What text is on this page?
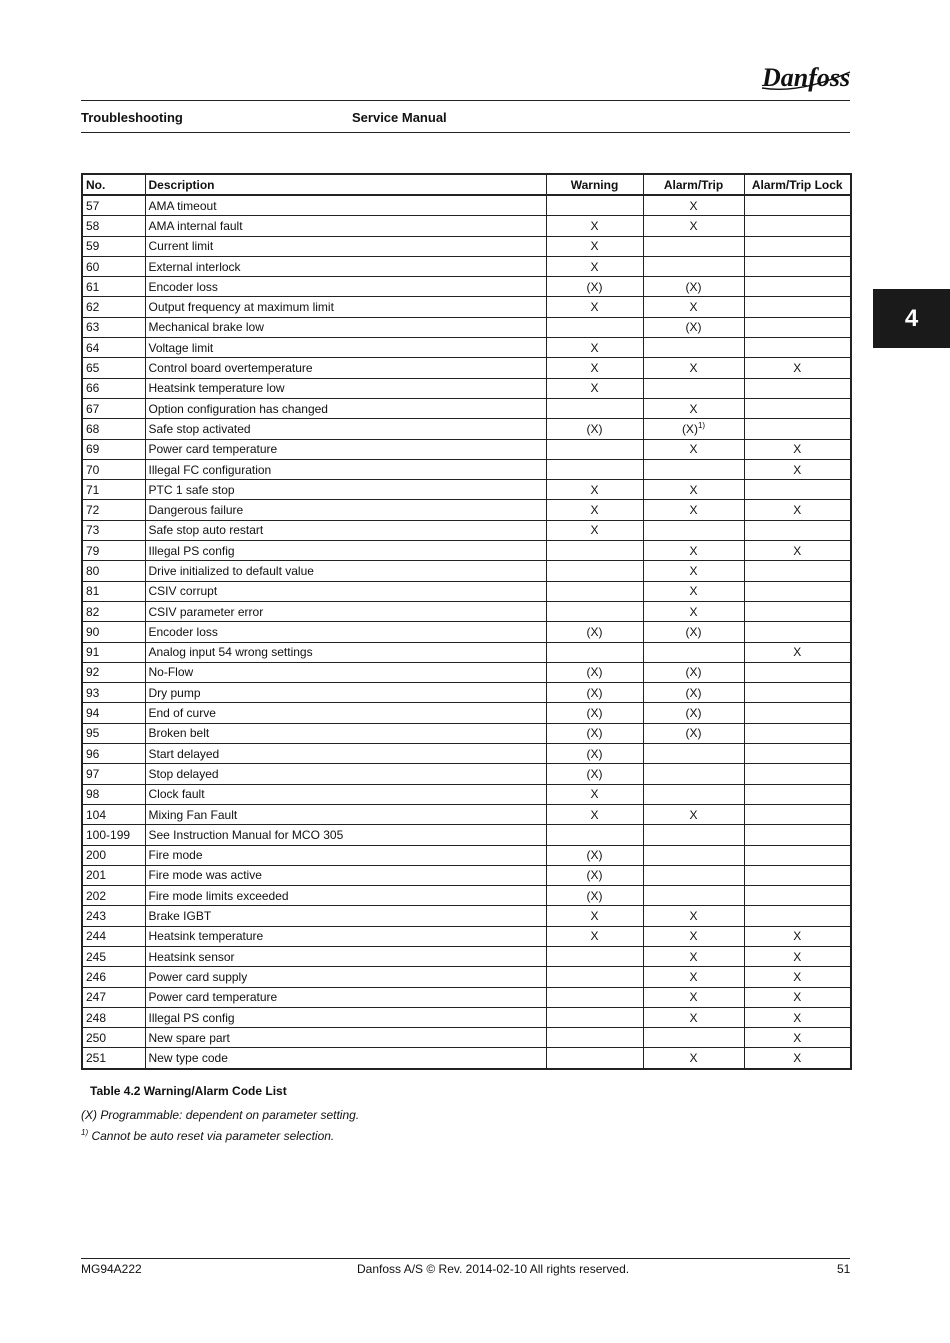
Danfoss
Troubleshooting	Service Manual
4
No.	Description	Warning	Alarm/Trip	Alarm/Trip Lock
57	AMA timeout		X	
58	AMA internal fault	X	X	
59	Current limit	X		
60	External interlock	X		
61	Encoder loss	(X)	(X)	
62	Output frequency at maximum limit	X	X	
63	Mechanical brake low		(X)	
64	Voltage limit	X		
65	Control board overtemperature	X	X	X
66	Heatsink temperature low	X		
67	Option configuration has changed		X	
68	Safe stop activated	(X)	$(X)^{1)}$	
69	Power card temperature		X	X
70	Illegal FC configuration			X
71	PTC 1 safe stop	X	X	
72	Dangerous failure	X	X	X
73	Safe stop auto restart	X		
79	Illegal PS config		X	X
80	Drive initialized to default value		X	
81	CSIV corrupt		X	
82	CSIV parameter error		X	
90	Encoder loss	(X)	(X)	
91	Analog input 54 wrong settings			X
92	No-Flow	(X)	(X)	
93	Dry pump	(X)	(X)	
94	End of curve	(X)	(X)	
95	Broken belt	(X)	(X)	
96	Start delayed	(X)		
97	Stop delayed	(X)		
98	Clock fault	X		
104	Mixing Fan Fault	X	X	
100-199	See Instruction Manual for MCO 305			
200	Fire mode	(X)		
201	Fire mode was active	(X)		
202	Fire mode limits exceeded	(X)		
243	Brake IGBT	X	X	
244	Heatsink temperature	X	X	X
245	Heatsink sensor		X	X
246	Power card supply		X	X
247	Power card temperature		X	X
248	Illegal PS config		X	X
250	New spare part			X
251	New type code		X	X
Table 4.2 Warning/Alarm Code List
(X) Programmable: dependent on parameter setting.
$^{1)}$ Cannot be auto reset via parameter selection.
MG94A222	Danfoss A/S © Rev. 2014-02-10 All rights reserved.	51
